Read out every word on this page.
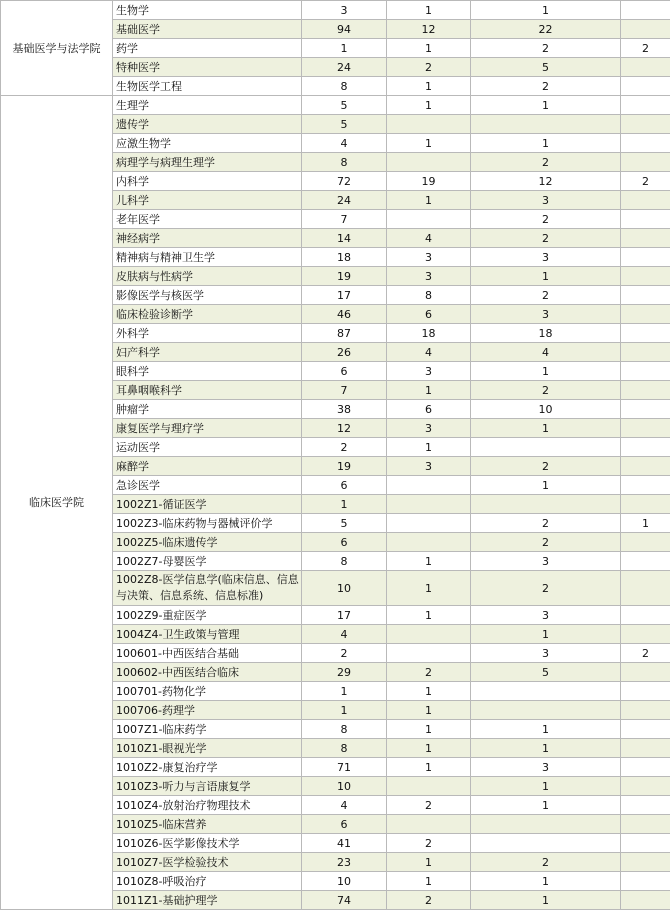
基础医学与法学院	生物学	3	1	1	
	基础医学	94	12	22	
	药学	1	1	2	2
	特种医学	24	2	5	
	生物医学工程	8	1	2	
临床医学院	生理学	5	1	1	
	遗传学	5			
	应激生物学	4	1	1	
	病理学与病理生理学	8		2	
	内科学	72	19	12	2
	儿科学	24	1	3	
	老年医学	7		2	
	神经病学	14	4	2	
	精神病与精神卫生学	18	3	3	
	皮肤病与性病学	19	3	1	
	影像医学与核医学	17	8	2	
	临床检验诊断学	46	6	3	
	外科学	87	18	18	
	妇产科学	26	4	4	
	眼科学	6	3	1	
	耳鼻咽喉科学	7	1	2	
	肿瘤学	38	6	10	
	康复医学与理疗学	12	3	1	
	运动医学	2	1		
	麻醉学	19	3	2	
	急诊医学	6		1	
	1002Z1-循证医学	1			
	1002Z3-临床药物与器械评价学	5		2	1
	1002Z5-临床遗传学	6		2	
	1002Z7-母婴医学	8	1	3	
	1002Z8-医学信息学(临床信息、信息与决策、信息系统、信息标准)	10	1	2	
	1002Z9-重症医学	17	1	3	
	1004Z4-卫生政策与管理	4		1	
	100601-中西医结合基础	2		3	2
	100602-中西医结合临床	29	2	5	
	100701-药物化学	1	1		
	100706-药理学	1	1		
	1007Z1-临床药学	8	1	1	
	1010Z1-眼视光学	8	1	1	
	1010Z2-康复治疗学	71	1	3	
	1010Z3-听力与言语康复学	10		1	
	1010Z4-放射治疗物理技术	4	2	1	
	1010Z5-临床营养	6			
	1010Z6-医学影像技术学	41	2		
	1010Z7-医学检验技术	23	1	2	
	1010Z8-呼吸治疗	10	1	1	
	1011Z1-基础护理学	74	2	1	
